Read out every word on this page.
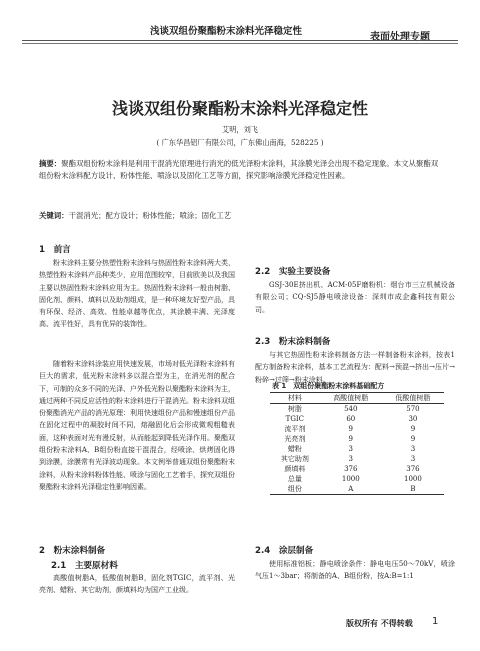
浅谈双组份聚酯粉末涂料光泽稳定性
表面处理专题
浅谈双组份聚酯粉末涂料光泽稳定性
艾明，刘飞
( 广东华昌铝厂有限公司，广东佛山南海，528225 )
摘要：聚酯双组份粉末涂料是利用干混消光原理进行消光的低光泽粉末涂料，其涂膜光泽会出现不稳定现象。本文从聚酯双组份粉末涂料配方设计、粉体性能、喷涂以及固化工艺等方面，探究影响涂膜光泽稳定性因素。
关键词：干混消光；配方设计；粉体性能；喷涂；固化工艺
1　前言
粉末涂料主要分热塑性粉末涂料与热固性粉末涂料两大类，热塑性粉末涂料产品种类少，应用范围较窄，目前欧美以及我国主要以热固性粉末涂料应用为主。热固性粉末涂料一般由树脂、固化剂、颜料、填料以及助剂组成，是一种环境友好型产品，具有环保、经济、高效、性能卓越等优点，其涂膜丰满、光泽度高、流平性好，具有优异的装饰性。
随着粉末涂料涂装应用快速发展，市场对低光泽粉末涂料有巨大的需求，低光粉末涂料多以混合型为主，在消光剂的配合下，可制的众多不同的光泽、户外低光粉以聚酯粉末涂料为主，通过两种不同反应活性的粉末涂料进行干混消光。粉末涂料双组份聚酯消光产品的消光原理：利用快速组份产品和慢速组份产品在固化过程中的凝胶时间不同，熔融固化后会形成微观粗糙表面，这种表面对光有漫反射，从而能起到降低光泽作用。聚酯双组份粉末涂料A、B组份粉直接干混混合，经喷涂、烘烤固化得到涂膜，涂膜常有光泽波动现象。本文例举普通双组份聚酯粉末涂料，从粉末涂料粉体性能、喷涂与固化工艺着手，探究双组份聚酯粉末涂料光泽稳定性影响因素。
2　粉末涂料制备
2.1　主要原材料
高酸值树脂A，低酸值树脂B，固化剂TGIC，流平剂、光亮剂、蜡粉、其它助剂，颜填料均为国产工业级。
2.2　实验主要设备
GSJ-30E挤出机、ACM-05F磨粉机：烟台市三立机械设备有限公司；CQ-SJ5静电喷涂设备：深圳市成企鑫科技有限公司。
2.3　粉末涂料制备
与其它热固性粉末涂料制备方法一样制备粉末涂料，按表1配方制备粉末涂料，基本工艺流程为：配料→预混→挤出→压片→粉碎→过筛→粉末涂料。
表 1　双组份聚酯粉末涂料基础配方
材料	高酸值树脂	低酸值树脂
树脂	540	570
TGIC	60	30
流平剂	9	9
光亮剂	9	9
蜡粉	3	3
其它助剂	3	3
颜填料	376	376
总量	1000	1000
组份	A	B
2.4　涂层制备
使用标准铝板；静电喷涂条件：静电电压50～70kV，喷涂气压1～3bar；将制备的A、B组份粉，按A:B=1:1
版权所有 不得转载 1
